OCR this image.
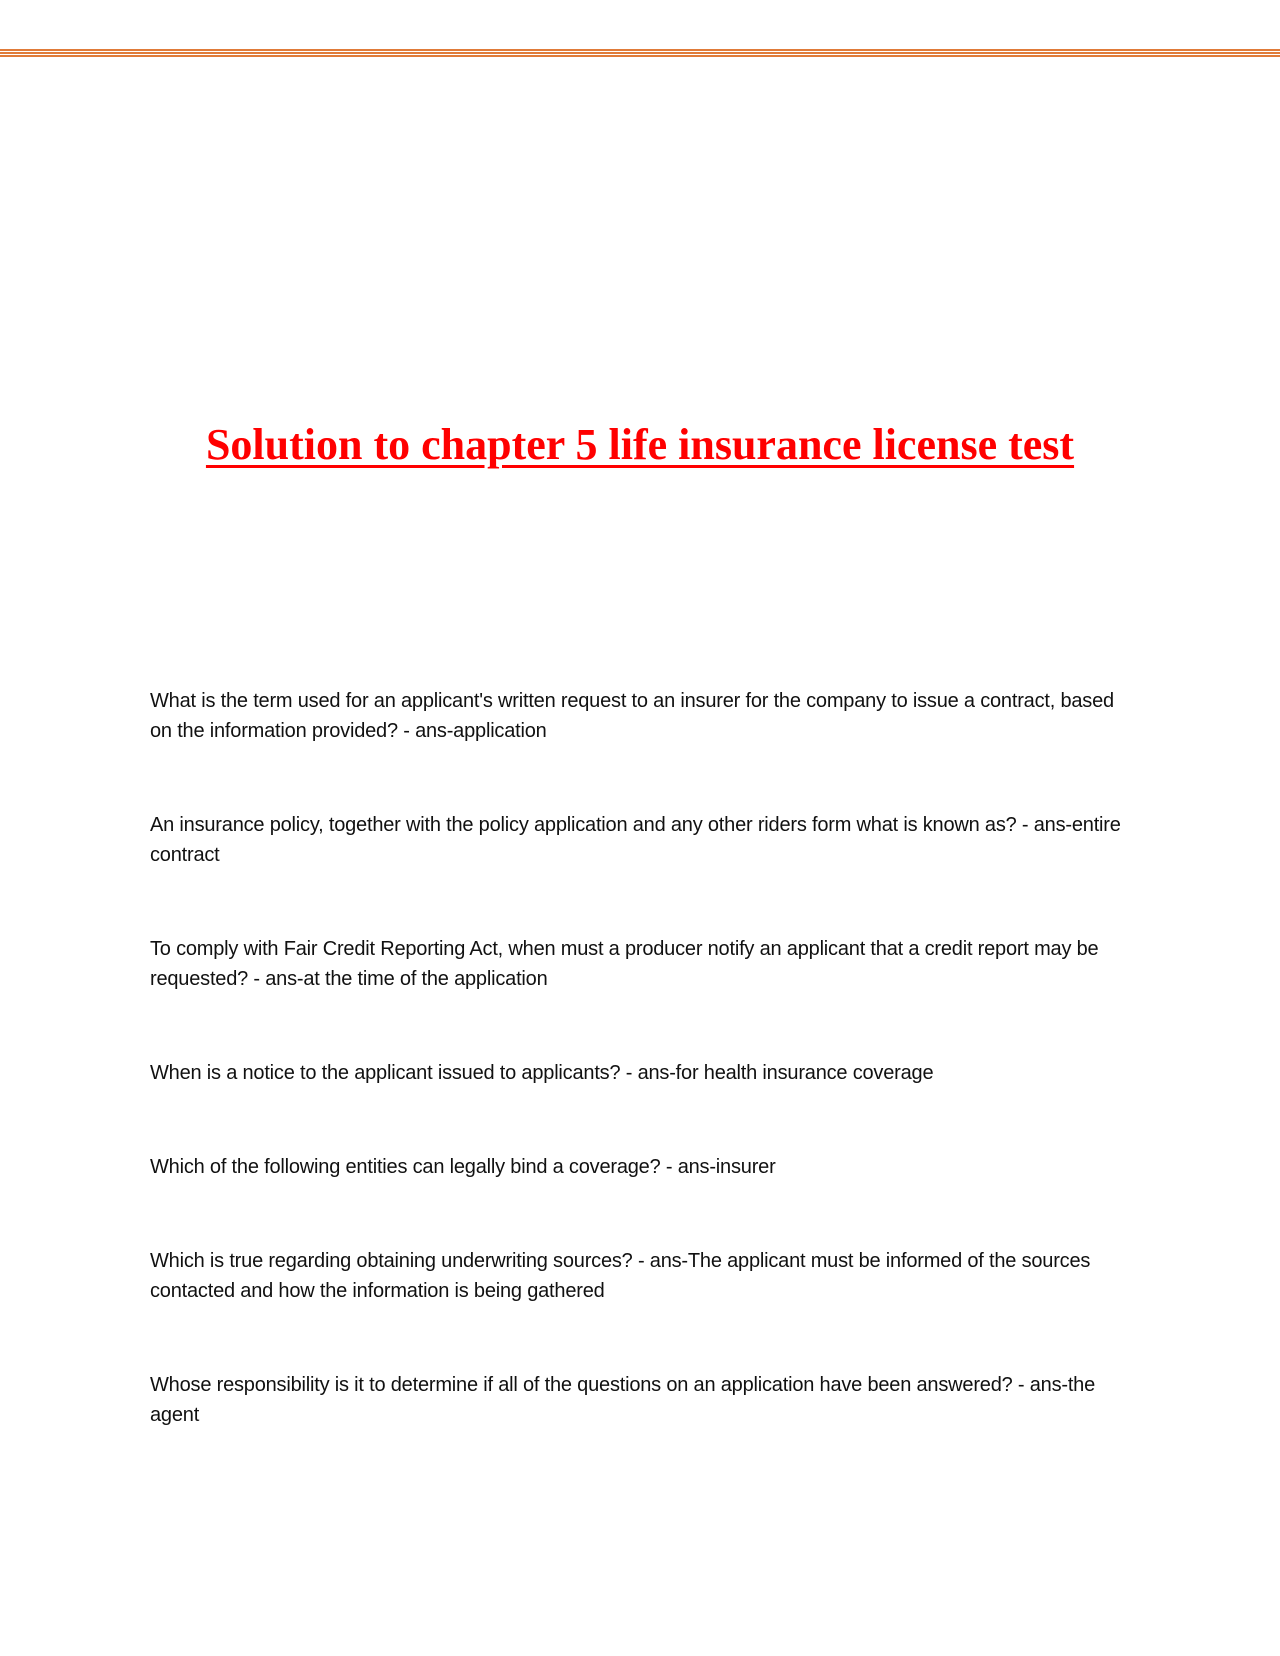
Solution to chapter 5 life insurance license test

What is the term used for an applicant's written request to an insurer for the company to issue a contract, based on the information provided? - ans-application

An insurance policy, together with the policy application and any other riders form what is known as? - ans-entire contract

To comply with Fair Credit Reporting Act, when must a producer notify an applicant that a credit report may be requested? - ans-at the time of the application

When is a notice to the applicant issued to applicants? - ans-for health insurance coverage

Which of the following entities can legally bind a coverage? - ans-insurer

Which is true regarding obtaining underwriting sources? - ans-The applicant must be informed of the sources contacted and how the information is being gathered

Whose responsibility is it to determine if all of the questions on an application have been answered? - ans-the agent
